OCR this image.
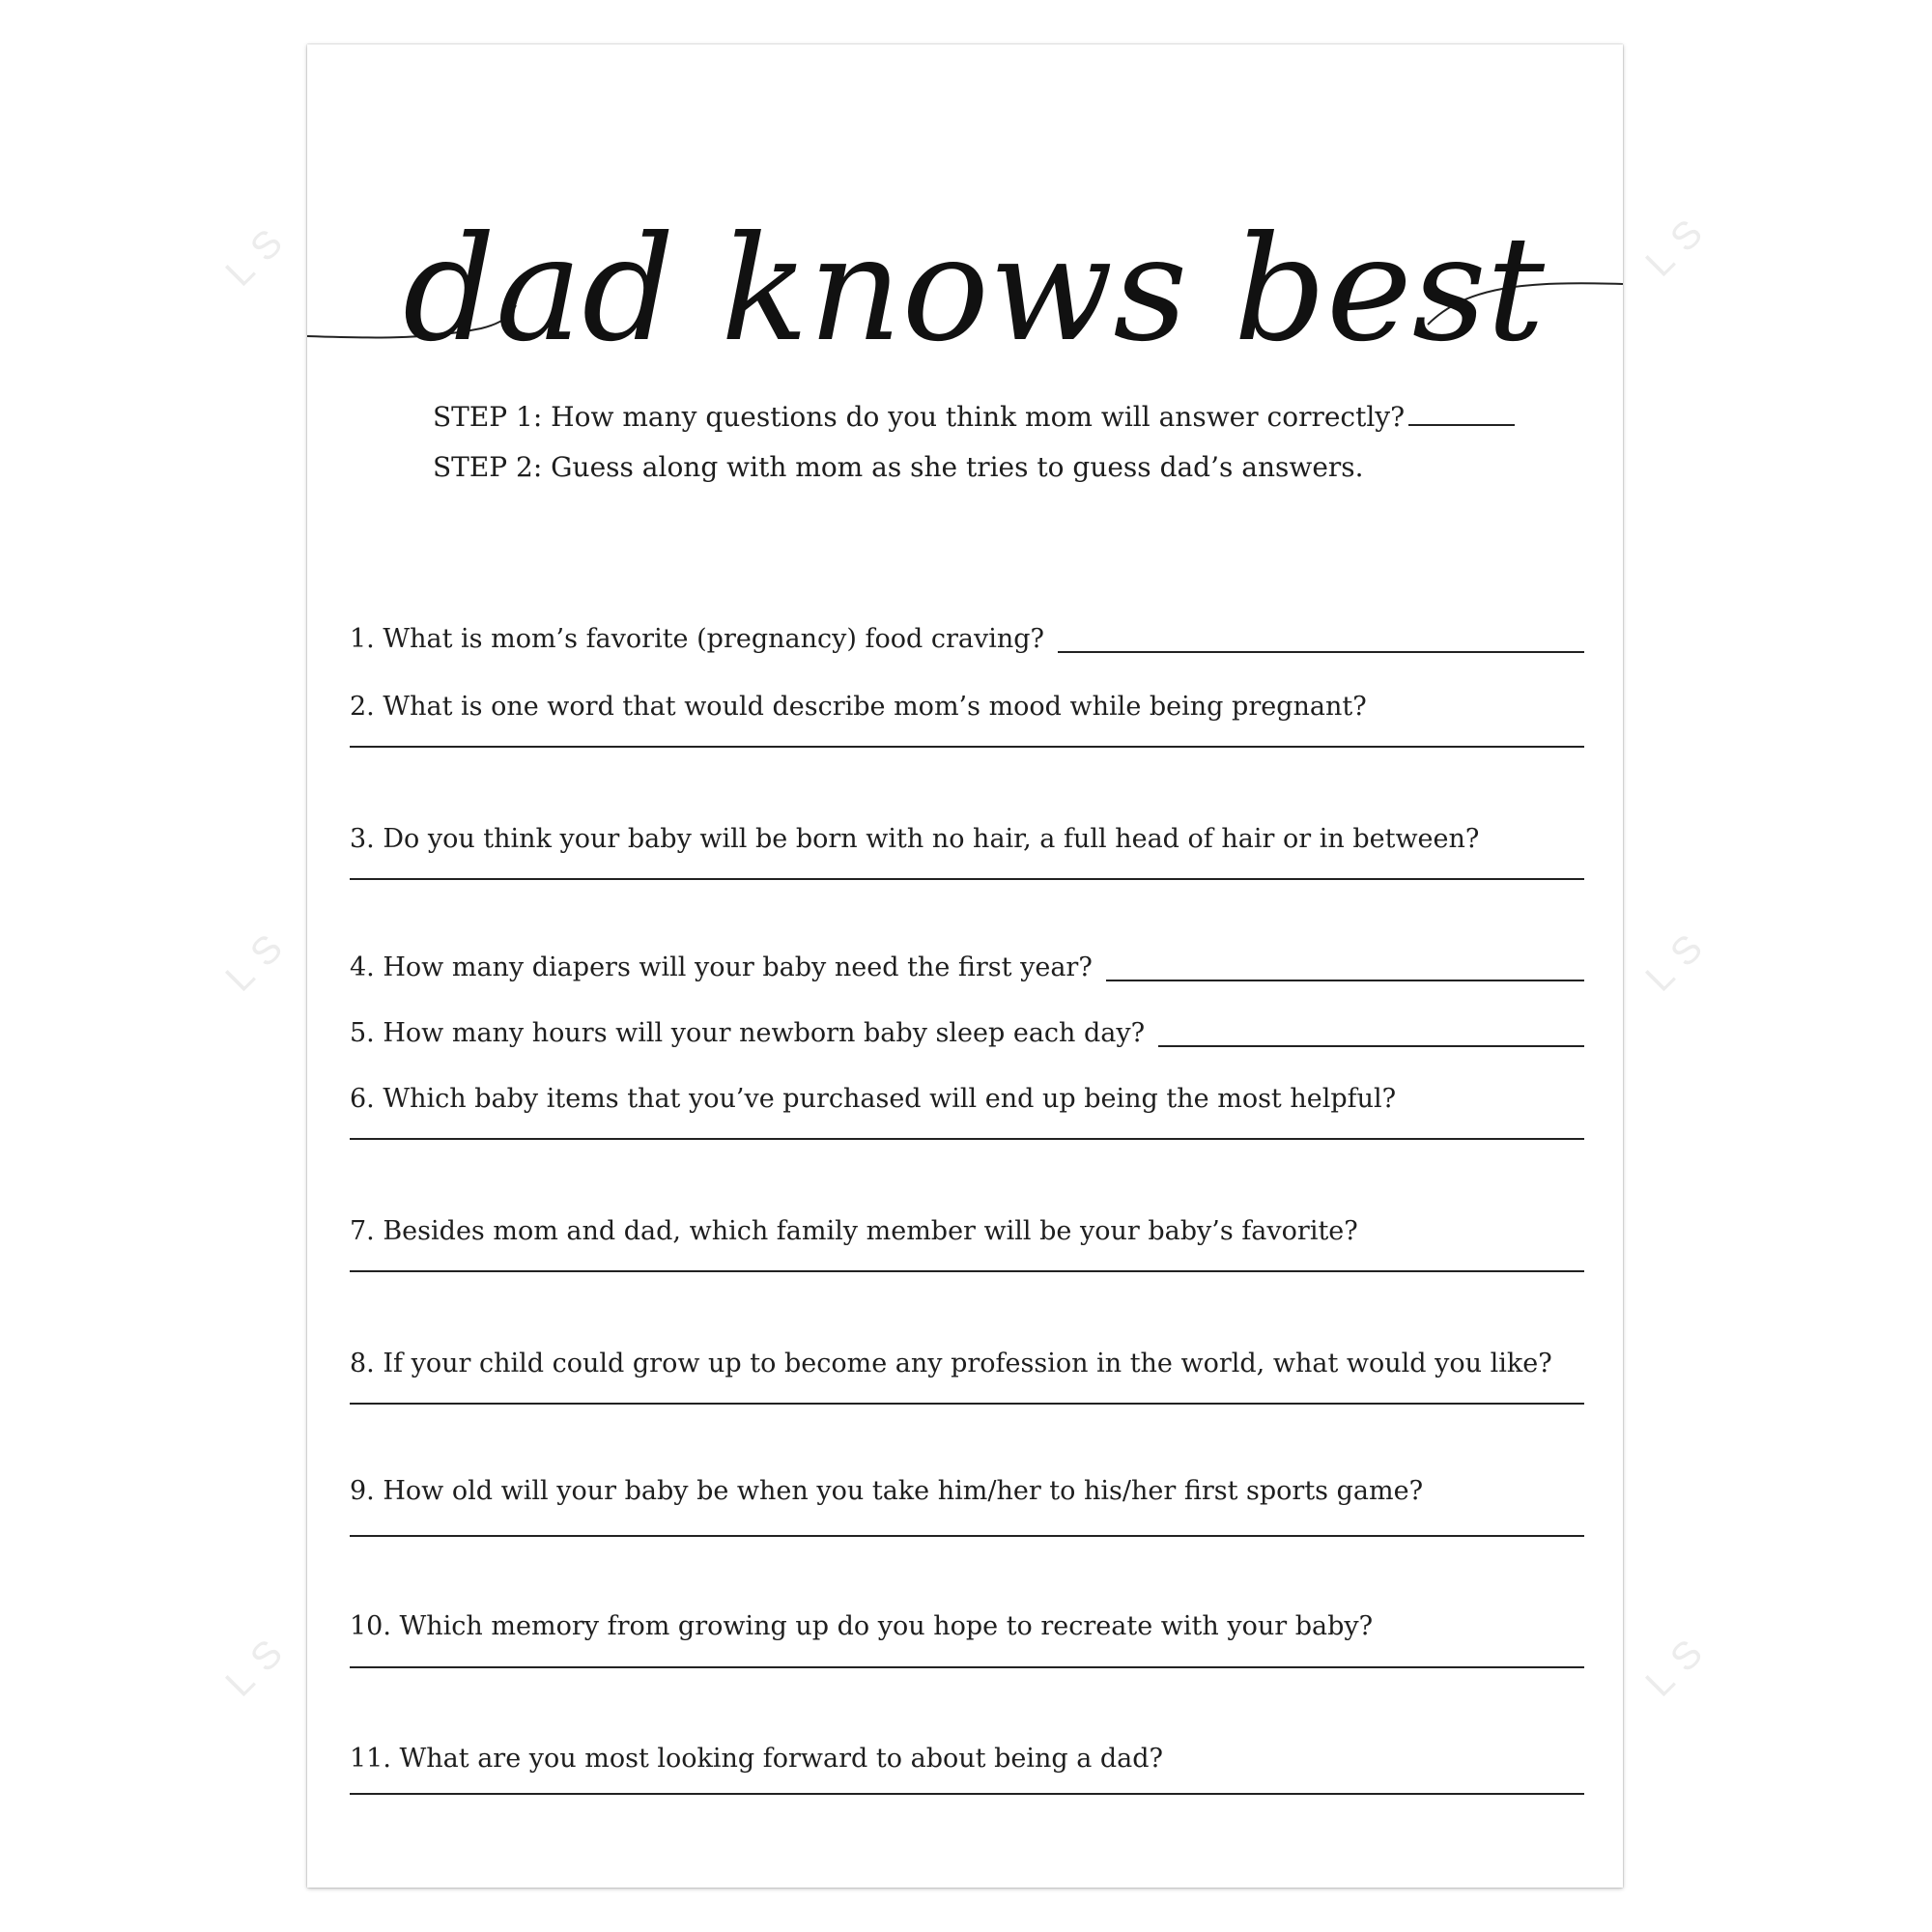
LS	LS
LS	LS
LS	LS
dad knows best
STEP 1: How many questions do you think mom will answer correctly?
STEP 2: Guess along with mom as she tries to guess dad’s answers.
1. What is mom’s favorite (pregnancy) food craving?
2. What is one word that would describe mom’s mood while being pregnant?
3. Do you think your baby will be born with no hair, a full head of hair or in between?
4. How many diapers will your baby need the first year?
5. How many hours will your newborn baby sleep each day?
6. Which baby items that you’ve purchased will end up being the most helpful?
7. Besides mom and dad, which family member will be your baby’s favorite?
8. If your child could grow up to become any profession in the world, what would you like?
9. How old will your baby be when you take him/her to his/her first sports game?
10. Which memory from growing up do you hope to recreate with your baby?
11. What are you most looking forward to about being a dad?
